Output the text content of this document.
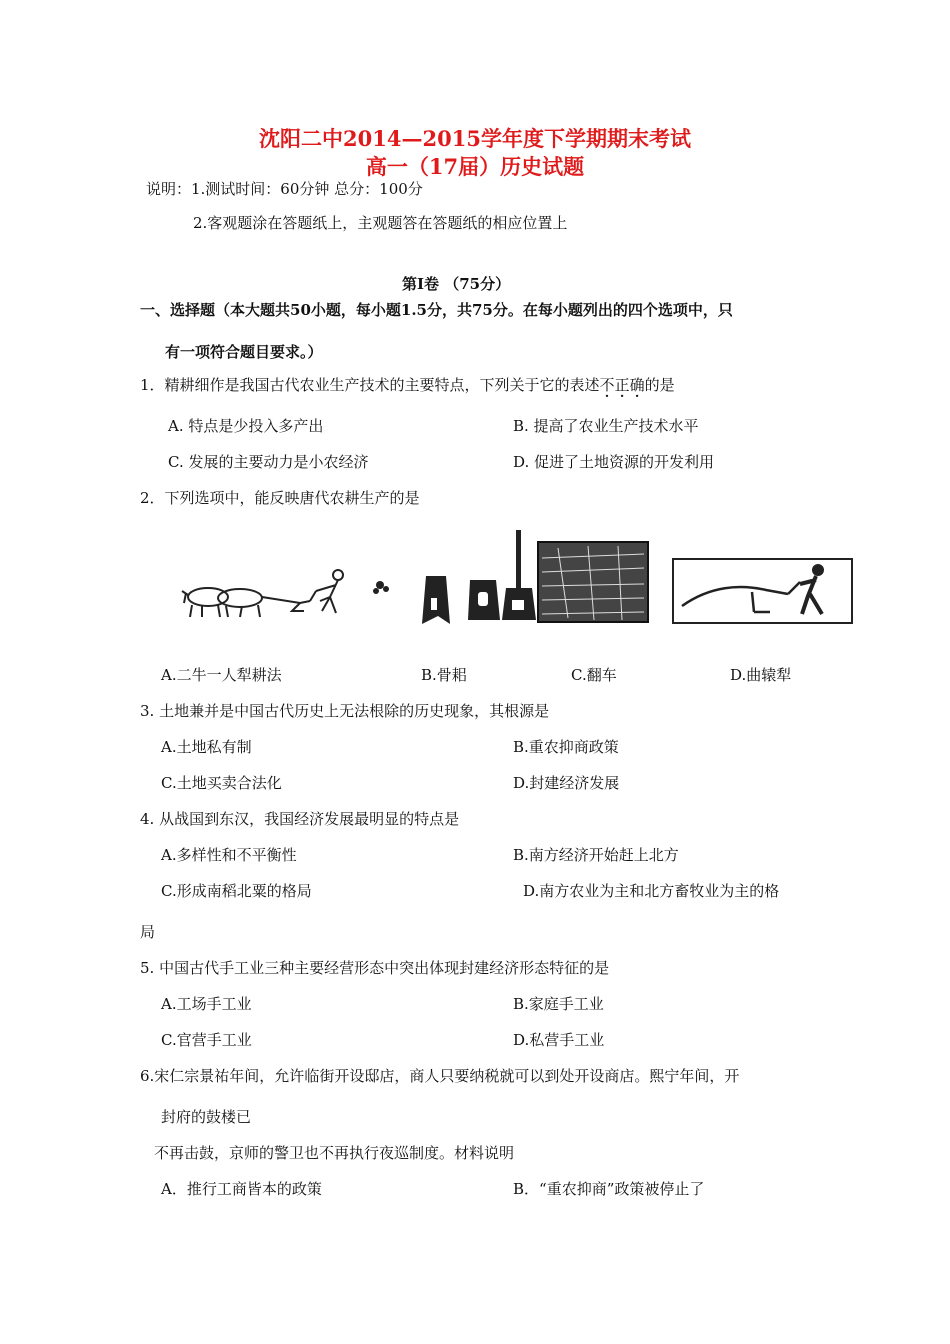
沈阳二中2014—2015学年度下学期期末考试
高一（17届）历史试题
说明：1.测试时间：60分钟 总分：100分
2.客观题涂在答题纸上，主观题答在答题纸的相应位置上
第Ⅰ卷 （75分）
一、选择题（本大题共50小题，每小题1.5分，共75分。在每小题列出的四个选项中，只
有一项符合题目要求。）
1．精耕细作是我国古代农业生产技术的主要特点，下列关于它的表述不正确的是
A. 特点是少投入多产出	B. 提高了农业生产技术水平
C. 发展的主要动力是小农经济	D. 促进了土地资源的开发利用
2．下列选项中，能反映唐代农耕生产的是
A.二牛一人犁耕法	B.骨耜	C.翻车	D.曲辕犁
3. 土地兼并是中国古代历史上无法根除的历史现象，其根源是
A.土地私有制	B.重农抑商政策
C.土地买卖合法化	D.封建经济发展
4. 从战国到东汉，我国经济发展最明显的特点是
A.多样性和不平衡性	B.南方经济开始赶上北方
C.形成南稻北粟的格局	D.南方农业为主和北方畜牧业为主的格
局
5. 中国古代手工业三种主要经营形态中突出体现封建经济形态特征的是
A.工场手工业	B.家庭手工业
C.官营手工业	D.私营手工业
6.宋仁宗景祐年间，允许临街开设邸店，商人只要纳税就可以到处开设商店。熙宁年间，开
封府的鼓楼已
不再击鼓，京师的警卫也不再执行夜巡制度。材料说明
A．推行工商皆本的政策	B．“重农抑商”政策被停止了
